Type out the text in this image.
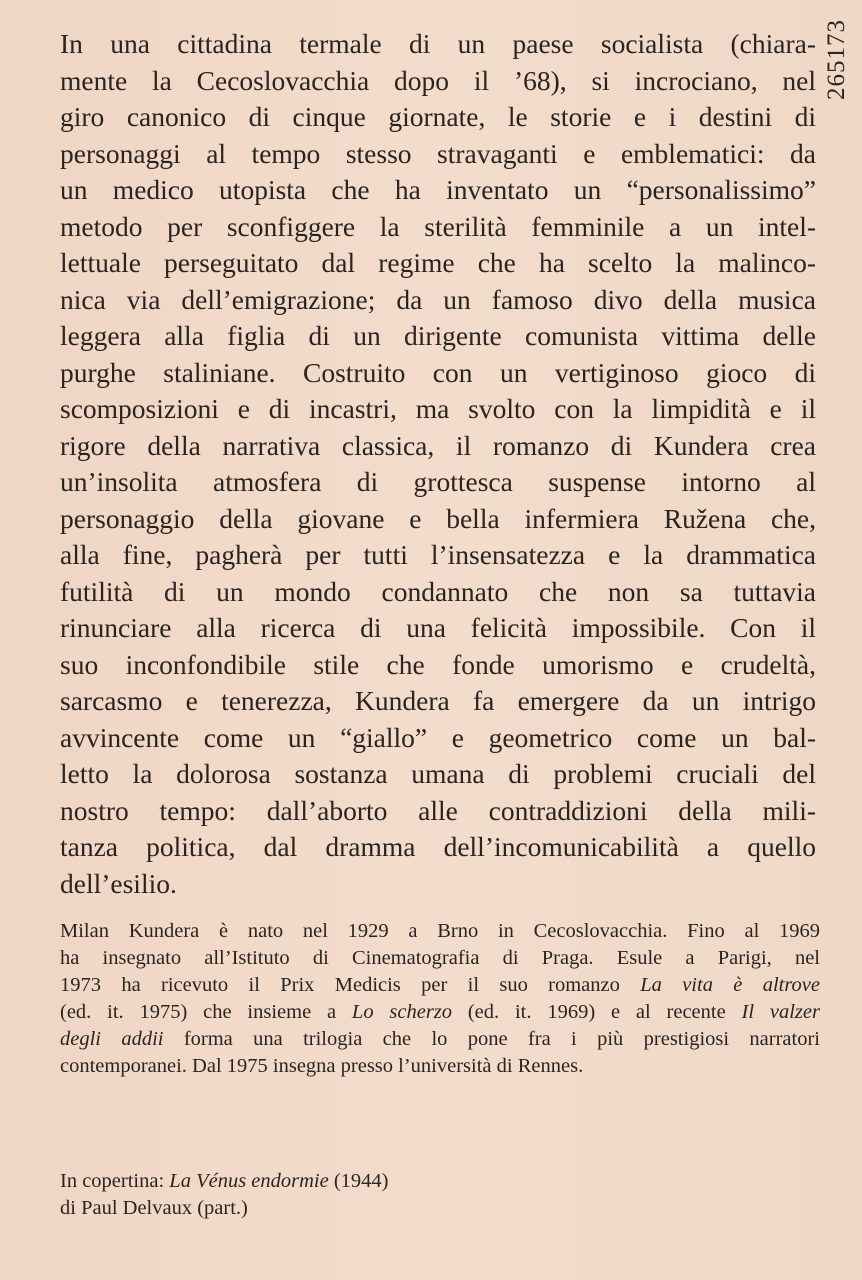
265173
In una cittadina termale di un paese socialista (chiara-
mente la Cecoslovacchia dopo il ’68), si incrociano, nel
giro canonico di cinque giornate, le storie e i destini di
personaggi al tempo stesso stravaganti e emblematici: da
un medico utopista che ha inventato un “personalissimo”
metodo per sconfiggere la sterilità femminile a un intel-
lettuale perseguitato dal regime che ha scelto la malinco-
nica via dell’emigrazione; da un famoso divo della musica
leggera alla figlia di un dirigente comunista vittima delle
purghe staliniane. Costruito con un vertiginoso gioco di
scomposizioni e di incastri, ma svolto con la limpidità e il
rigore della narrativa classica, il romanzo di Kundera crea
un’insolita atmosfera di grottesca suspense intorno al
personaggio della giovane e bella infermiera Ružena che,
alla fine, pagherà per tutti l’insensatezza e la drammatica
futilità di un mondo condannato che non sa tuttavia
rinunciare alla ricerca di una felicità impossibile. Con il
suo inconfondibile stile che fonde umorismo e crudeltà,
sarcasmo e tenerezza, Kundera fa emergere da un intrigo
avvincente come un “giallo” e geometrico come un bal-
letto la dolorosa sostanza umana di problemi cruciali del
nostro tempo: dall’aborto alle contraddizioni della mili-
tanza politica, dal dramma dell’incomunicabilità a quello
dell’esilio.
Milan Kundera è nato nel 1929 a Brno in Cecoslovacchia. Fino al 1969
ha insegnato all’Istituto di Cinematografia di Praga. Esule a Parigi, nel
1973 ha ricevuto il Prix Medicis per il suo romanzo La vita è altrove
(ed. it. 1975) che insieme a Lo scherzo (ed. it. 1969) e al recente Il valzer
degli addii forma una trilogia che lo pone fra i più prestigiosi narratori
contemporanei. Dal 1975 insegna presso l’università di Rennes.
In copertina: La Vénus endormie (1944)
di Paul Delvaux (part.)
